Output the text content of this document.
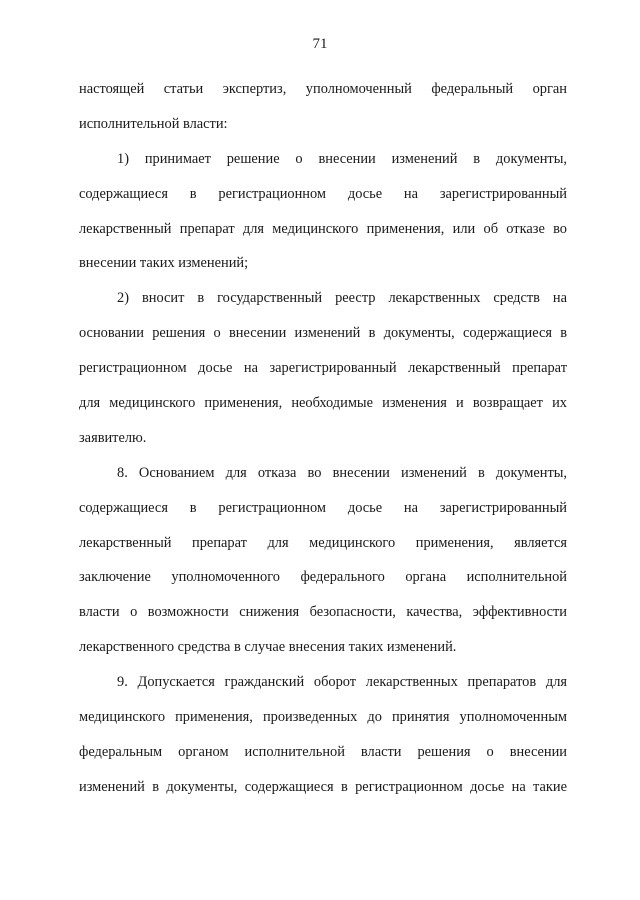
71
настоящей статьи экспертиз, уполномоченный федеральный орган
исполнительной власти:
1) принимает решение о внесении изменений в документы,
содержащиеся в регистрационном досье на зарегистрированный
лекарственный препарат для медицинского применения, или об отказе во
внесении таких изменений;
2) вносит в государственный реестр лекарственных средств на
основании решения о внесении изменений в документы, содержащиеся в
регистрационном досье на зарегистрированный лекарственный препарат
для медицинского применения, необходимые изменения и возвращает их
заявителю.
8. Основанием для отказа во внесении изменений в документы,
содержащиеся в регистрационном досье на зарегистрированный
лекарственный препарат для медицинского применения, является
заключение уполномоченного федерального органа исполнительной
власти о возможности снижения безопасности, качества, эффективности
лекарственного средства в случае внесения таких изменений.
9. Допускается гражданский оборот лекарственных препаратов для
медицинского применения, произведенных до принятия уполномоченным
федеральным органом исполнительной власти решения о внесении
изменений в документы, содержащиеся в регистрационном досье на такие
